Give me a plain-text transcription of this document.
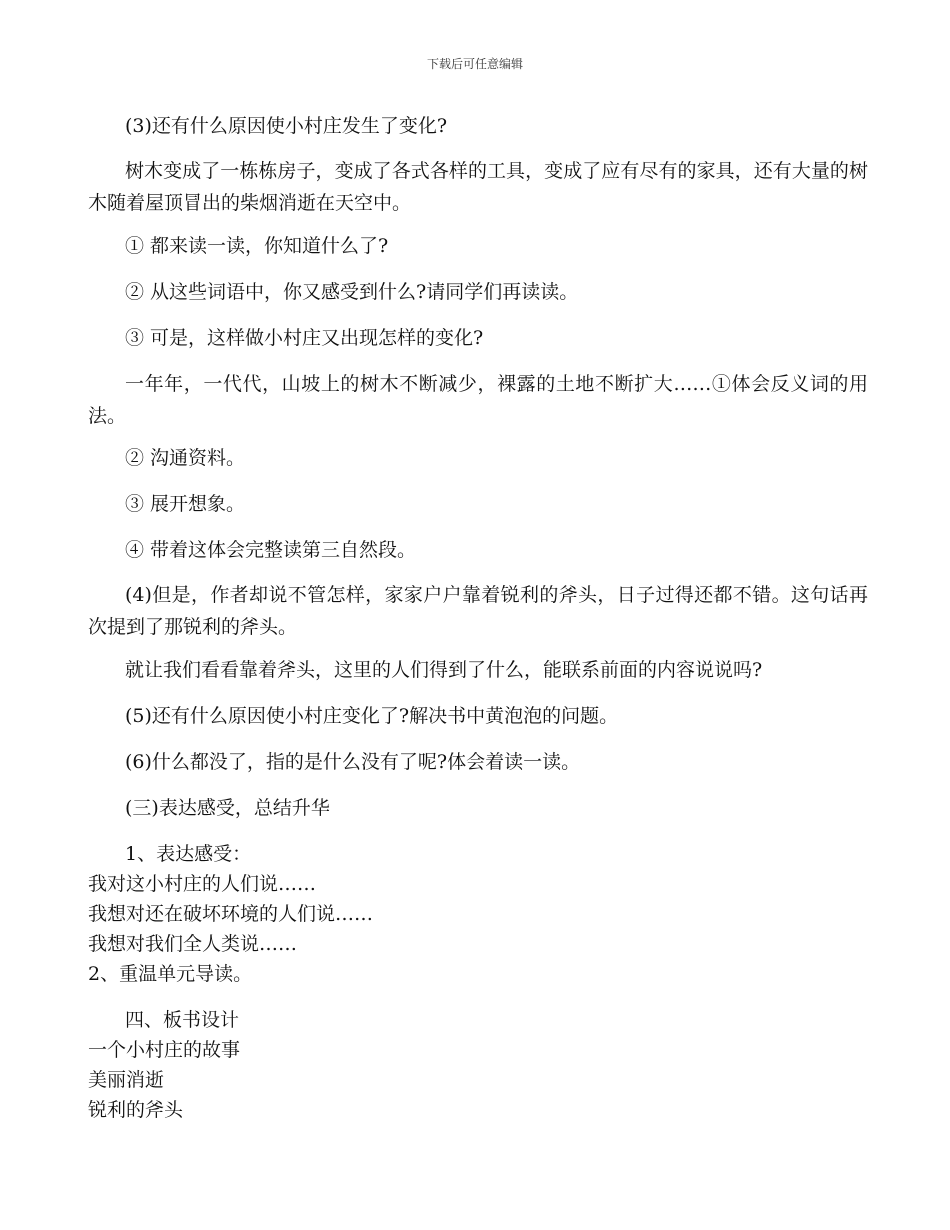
下载后可任意编辑
(3)还有什么原因使小村庄发生了变化?
树木变成了一栋栋房子，变成了各式各样的工具，变成了应有尽有的家具，还有大量的树木随着屋顶冒出的柴烟消逝在天空中。
① 都来读一读，你知道什么了?
② 从这些词语中，你又感受到什么?请同学们再读读。
③ 可是，这样做小村庄又出现怎样的变化?
一年年，一代代，山坡上的树木不断减少，裸露的土地不断扩大……①体会反义词的用法。
② 沟通资料。
③ 展开想象。
④ 带着这体会完整读第三自然段。
(4)但是，作者却说不管怎样，家家户户靠着锐利的斧头，日子过得还都不错。这句话再次提到了那锐利的斧头。
就让我们看看靠着斧头，这里的人们得到了什么，能联系前面的内容说说吗?
(5)还有什么原因使小村庄变化了?解决书中黄泡泡的问题。
(6)什么都没了，指的是什么没有了呢?体会着读一读。
(三)表达感受，总结升华
1、表达感受：
我对这小村庄的人们说……
我想对还在破坏环境的人们说……
我想对我们全人类说……
2、重温单元导读。
四、板书设计
一个小村庄的故事
美丽消逝
锐利的斧头
